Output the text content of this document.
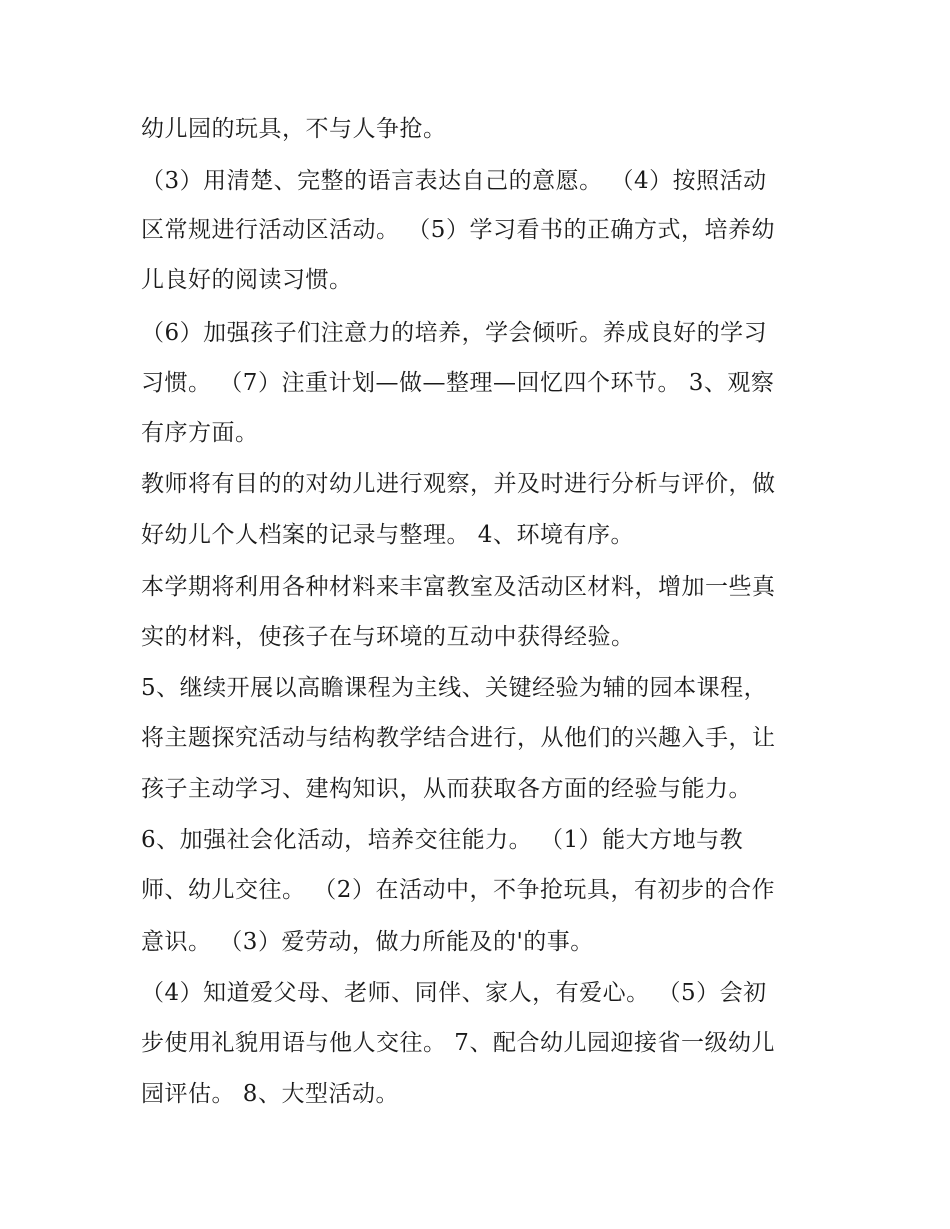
幼儿园的玩具，不与人争抢。
（3）用清楚、完整的语言表达自己的意愿。 （4）按照活动
区常规进行活动区活动。 （5）学习看书的正确方式，培养幼
儿良好的阅读习惯。
（6）加强孩子们注意力的培养，学会倾听。养成良好的学习
习惯。 （7）注重计划—做—整理—回忆四个环节。 3、观察
有序方面。
教师将有目的的对幼儿进行观察，并及时进行分析与评价，做
好幼儿个人档案的记录与整理。 4、环境有序。
本学期将利用各种材料来丰富教室及活动区材料，增加一些真
实的材料，使孩子在与环境的互动中获得经验。
5、继续开展以高瞻课程为主线、关键经验为辅的园本课程，
将主题探究活动与结构教学结合进行，从他们的兴趣入手，让
孩子主动学习、建构知识，从而获取各方面的经验与能力。
6、加强社会化活动，培养交往能力。 （1）能大方地与教
师、幼儿交往。 （2）在活动中，不争抢玩具，有初步的合作
意识。 （3）爱劳动，做力所能及的'的事。
（4）知道爱父母、老师、同伴、家人，有爱心。 （5）会初
步使用礼貌用语与他人交往。 7、配合幼儿园迎接省一级幼儿
园评估。 8、大型活动。
